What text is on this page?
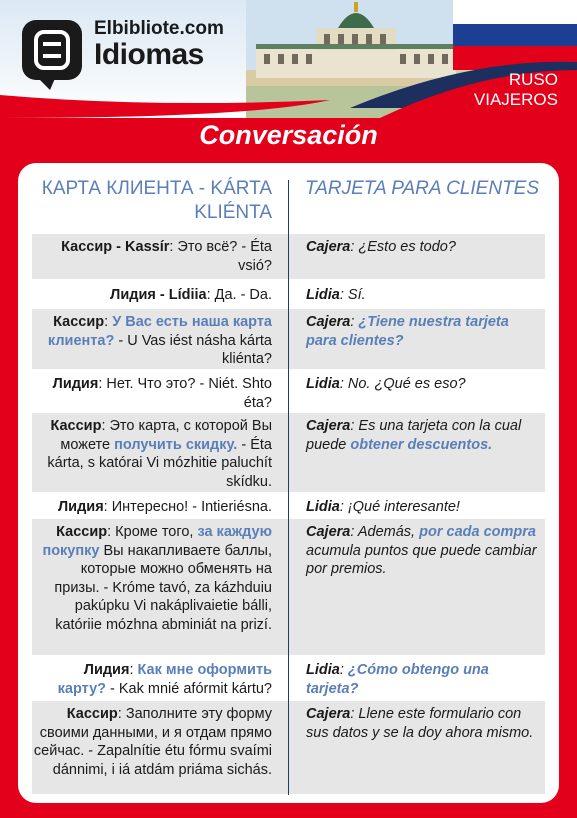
Elbibliote.com
Idiomas
RUSO
VIAJEROS
Conversación
КАРТА КЛИЕНТА - KÁRTA KLIÉNTA
TARJETA PARA CLIENTES
Кассир - Kassír: Это всё? - Éta vsió?
Cajera: ¿Esto es todo?
Лидия - Lídiia: Да. - Da. Lidia: Sí.
Кассир: У Вас есть наша карта клиента? - U Vas iést násha kárta kliénta?
Cajera: ¿Tiene nuestra tarjeta para clientes?
Лидия: Нет. Что это? - Niét. Shto éta?
Lidia: No. ¿Qué es eso?
Кассир: Это карта, с которой Вы можете получить скидку. - Éta kárta, s katórai Vi mózhitie paluchít skídku.
Cajera: Es una tarjeta con la cual puede obtener descuentos.
Лидия: Интересно! - Intieriésna. Lidia: ¡Qué interesante!
Кассир: Кроме того, за каждую покупку Вы накапливаете баллы, которые можно обменять на призы. - Króme tavó, za kázhduiu pakúpku Vi nakáplivaietie bálli, katóriie mózhna abminiát na prizí.
Cajera: Además, por cada compra acumula puntos que puede cambiar por premios.
Лидия: Как мне оформить карту? - Kak mnié afórmit kártu?
Lidia: ¿Cómo obtengo una tarjeta?
Кассир: Заполните эту форму своими данными, и я отдам прямо сейчас. - Zapalnítie étu fórmu svaími dánnimi, i iá atdám priáma sichás.
Cajera: Llene este formulario con sus datos y se la doy ahora mismo.
